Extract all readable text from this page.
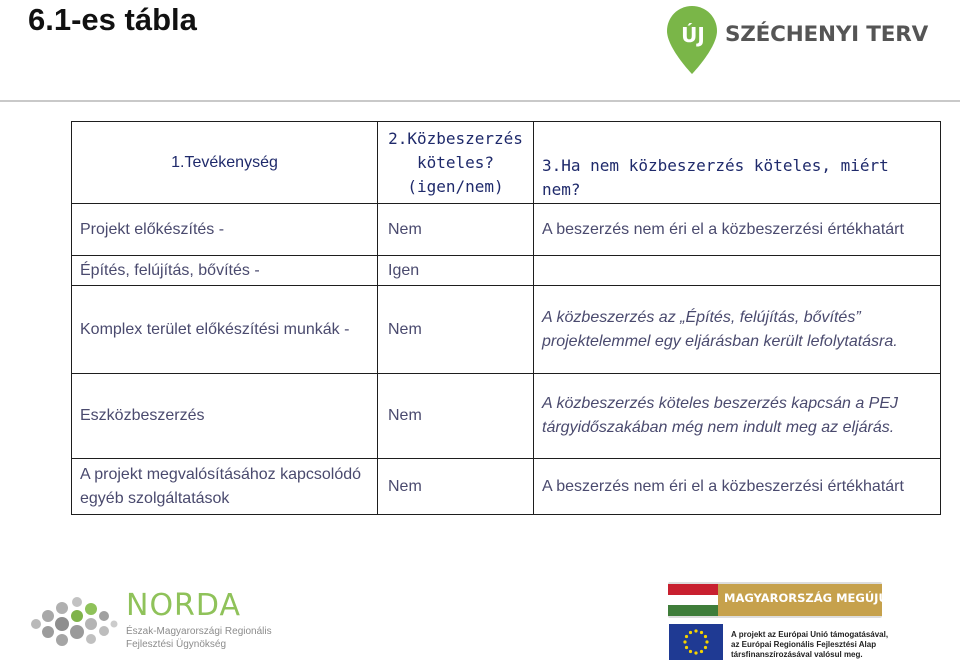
6.1-es tábla	ÚJ SZÉCHENYI TERV
1.Tevékenység	2.Közbeszerzés köteles? (igen/nem)	3.Ha nem közbeszerzés köteles, miért nem?
Projekt előkészítés -	Nem	A beszerzés nem éri el a közbeszerzési értékhatárt
Építés, felújítás, bővítés -	Igen	
Komplex terület előkészítési munkák -	Nem	A közbeszerzés az „Építés, felújítás, bővítés” projektelemmel egy eljárásban került lefolytatásra.
Eszközbeszerzés	Nem	A közbeszerzés köteles beszerzés kapcsán a PEJ tárgyidőszakában még nem indult meg az eljárás.
A projekt megvalósításához kapcsolódó egyéb szolgáltatások	Nem	A beszerzés nem éri el a közbeszerzési értékhatárt
NORDA
Észak-Magyarországi Regionális
Fejlesztési Ügynökség
MAGYARORSZÁG MEGÚJUL
A projekt az Európai Unió támogatásával,
az Európai Regionális Fejlesztési Alap
társfinanszírozásával valósul meg.
